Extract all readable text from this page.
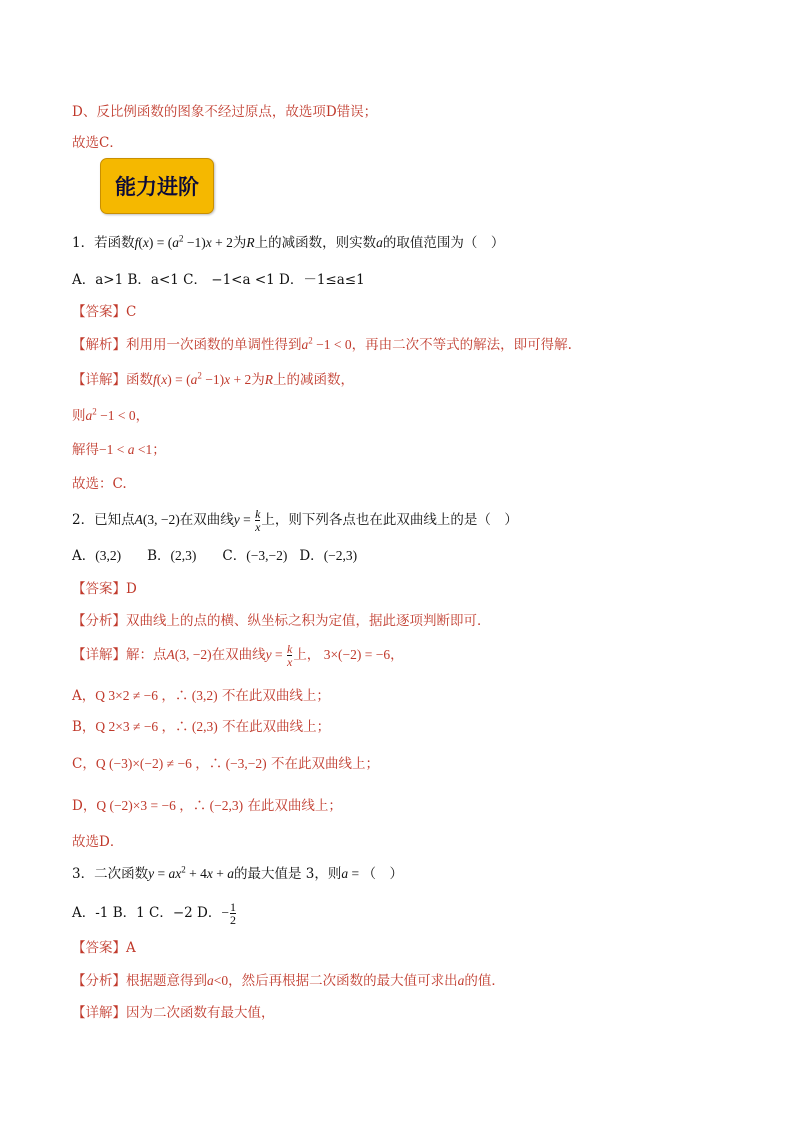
D、反比例函数的图象不经过原点，故选项D错误；
故选C．
能力进阶
1．若函数$f(x) = (a^2 -1)x + 2$为R上的减函数，则实数a的取值范围为（　）
A．a>1 B．a<1 C． −1<a <1 D．－1≤a≤1
【答案】C
【解析】利用用一次函数的单调性得到$a^2 -1 < 0$，再由二次不等式的解法，即可得解.
【详解】函数$f(x) = (a^2 -1)x + 2$为R上的减函数，
则$a^2 -1 < 0$，
解得−1 < a <1；
故选：C.
2．已知点A(3, −2)在双曲线$y = \frac{k}{x}$ 上，则下列各点也在此双曲线上的是（　）
A．(3,2) B．(2,3) C．(−3,−2) D．(−2,3)
【答案】D
【分析】双曲线上的点的横、纵坐标之积为定值，据此逐项判断即可．
【详解】解：点A(3, −2)在双曲线$y = \frac{k}{x}$ 上， 3×(−2) = −6，
A，Q 3×2 ≠ −6 ，∴ (3,2) 不在此双曲线上；
B，Q 2×3 ≠ −6 ，∴ (2,3) 不在此双曲线上；
C，Q (−3)×(−2) ≠ −6 ，∴ (−3,−2) 不在此双曲线上；
D，Q (−2)×3 = −6 ，∴ (−2,3) 在此双曲线上；
故选D．
3．二次函数$y = ax^2 + 4x + a$的最大值是 3，则a = （　）
A．-1 B．1 C．−2 D．− $\frac{1}{2}$
【答案】A
【分析】根据题意得到a<0，然后再根据二次函数的最大值可求出a的值．
【详解】因为二次函数有最大值，
